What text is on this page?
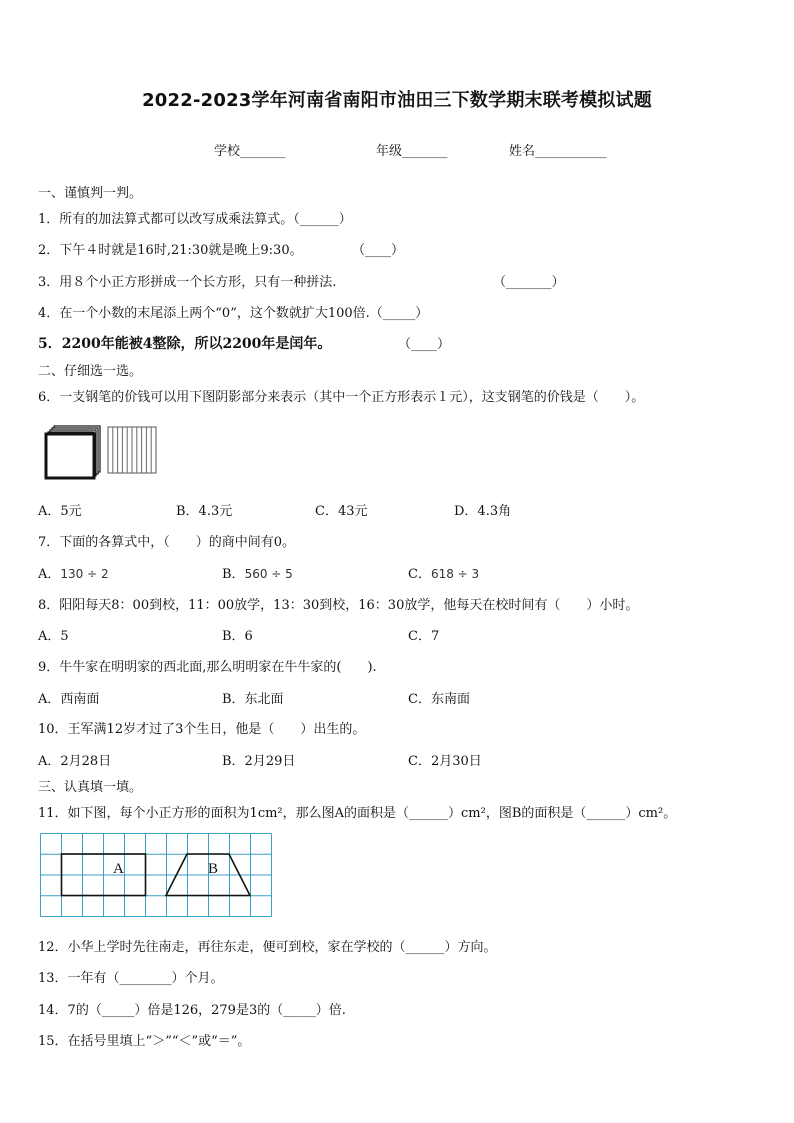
2022-2023学年河南省南阳市油田三下数学期末联考模拟试题
学校_______	年级_______	姓名___________
一、谨慎判一判。
1．所有的加法算式都可以改写成乘法算式。（______）
2．下午４时就是16时,21:30就是晚上9:30。	（____）
3．用８个小正方形拼成一个长方形，只有一种拼法.	（_______）
4．在一个小数的末尾添上两个“0”，这个数就扩大100倍.（_____）
5．2200年能被4整除，所以2200年是闰年。	（____）
二、仔细选一选。
6．一支钢笔的价钱可以用下图阴影部分来表示（其中一个正方形表示１元），这支钢笔的价钱是（　　）。
A．5元	B．4.3元	C．43元	D．4.3角
7．下面的各算式中，（　　）的商中间有0。
A．130 ÷ 2	B．560 ÷ 5	C．618 ÷ 3
8．阳阳每天8：00到校，11：00放学，13：30到校，16：30放学，他每天在校时间有（　　）小时。
A．5	B．6	C．7
9．牛牛家在明明家的西北面,那么明明家在牛牛家的(　　).
A．西南面	B．东北面	C．东南面
10．王军满12岁才过了3个生日，他是（　　）出生的。
A．2月28日	B．2月29日	C．2月30日
三、认真填一填。
11．如下图，每个小正方形的面积为1cm²，那么图A的面积是（______）cm²，图B的面积是（______）cm²。
A	B
12．小华上学时先往南走，再往东走，便可到校，家在学校的（______）方向。
13．一年有（________）个月。
14．7的（_____）倍是126，279是3的（_____）倍.
15．在括号里填上“＞”“＜”或“＝”。
